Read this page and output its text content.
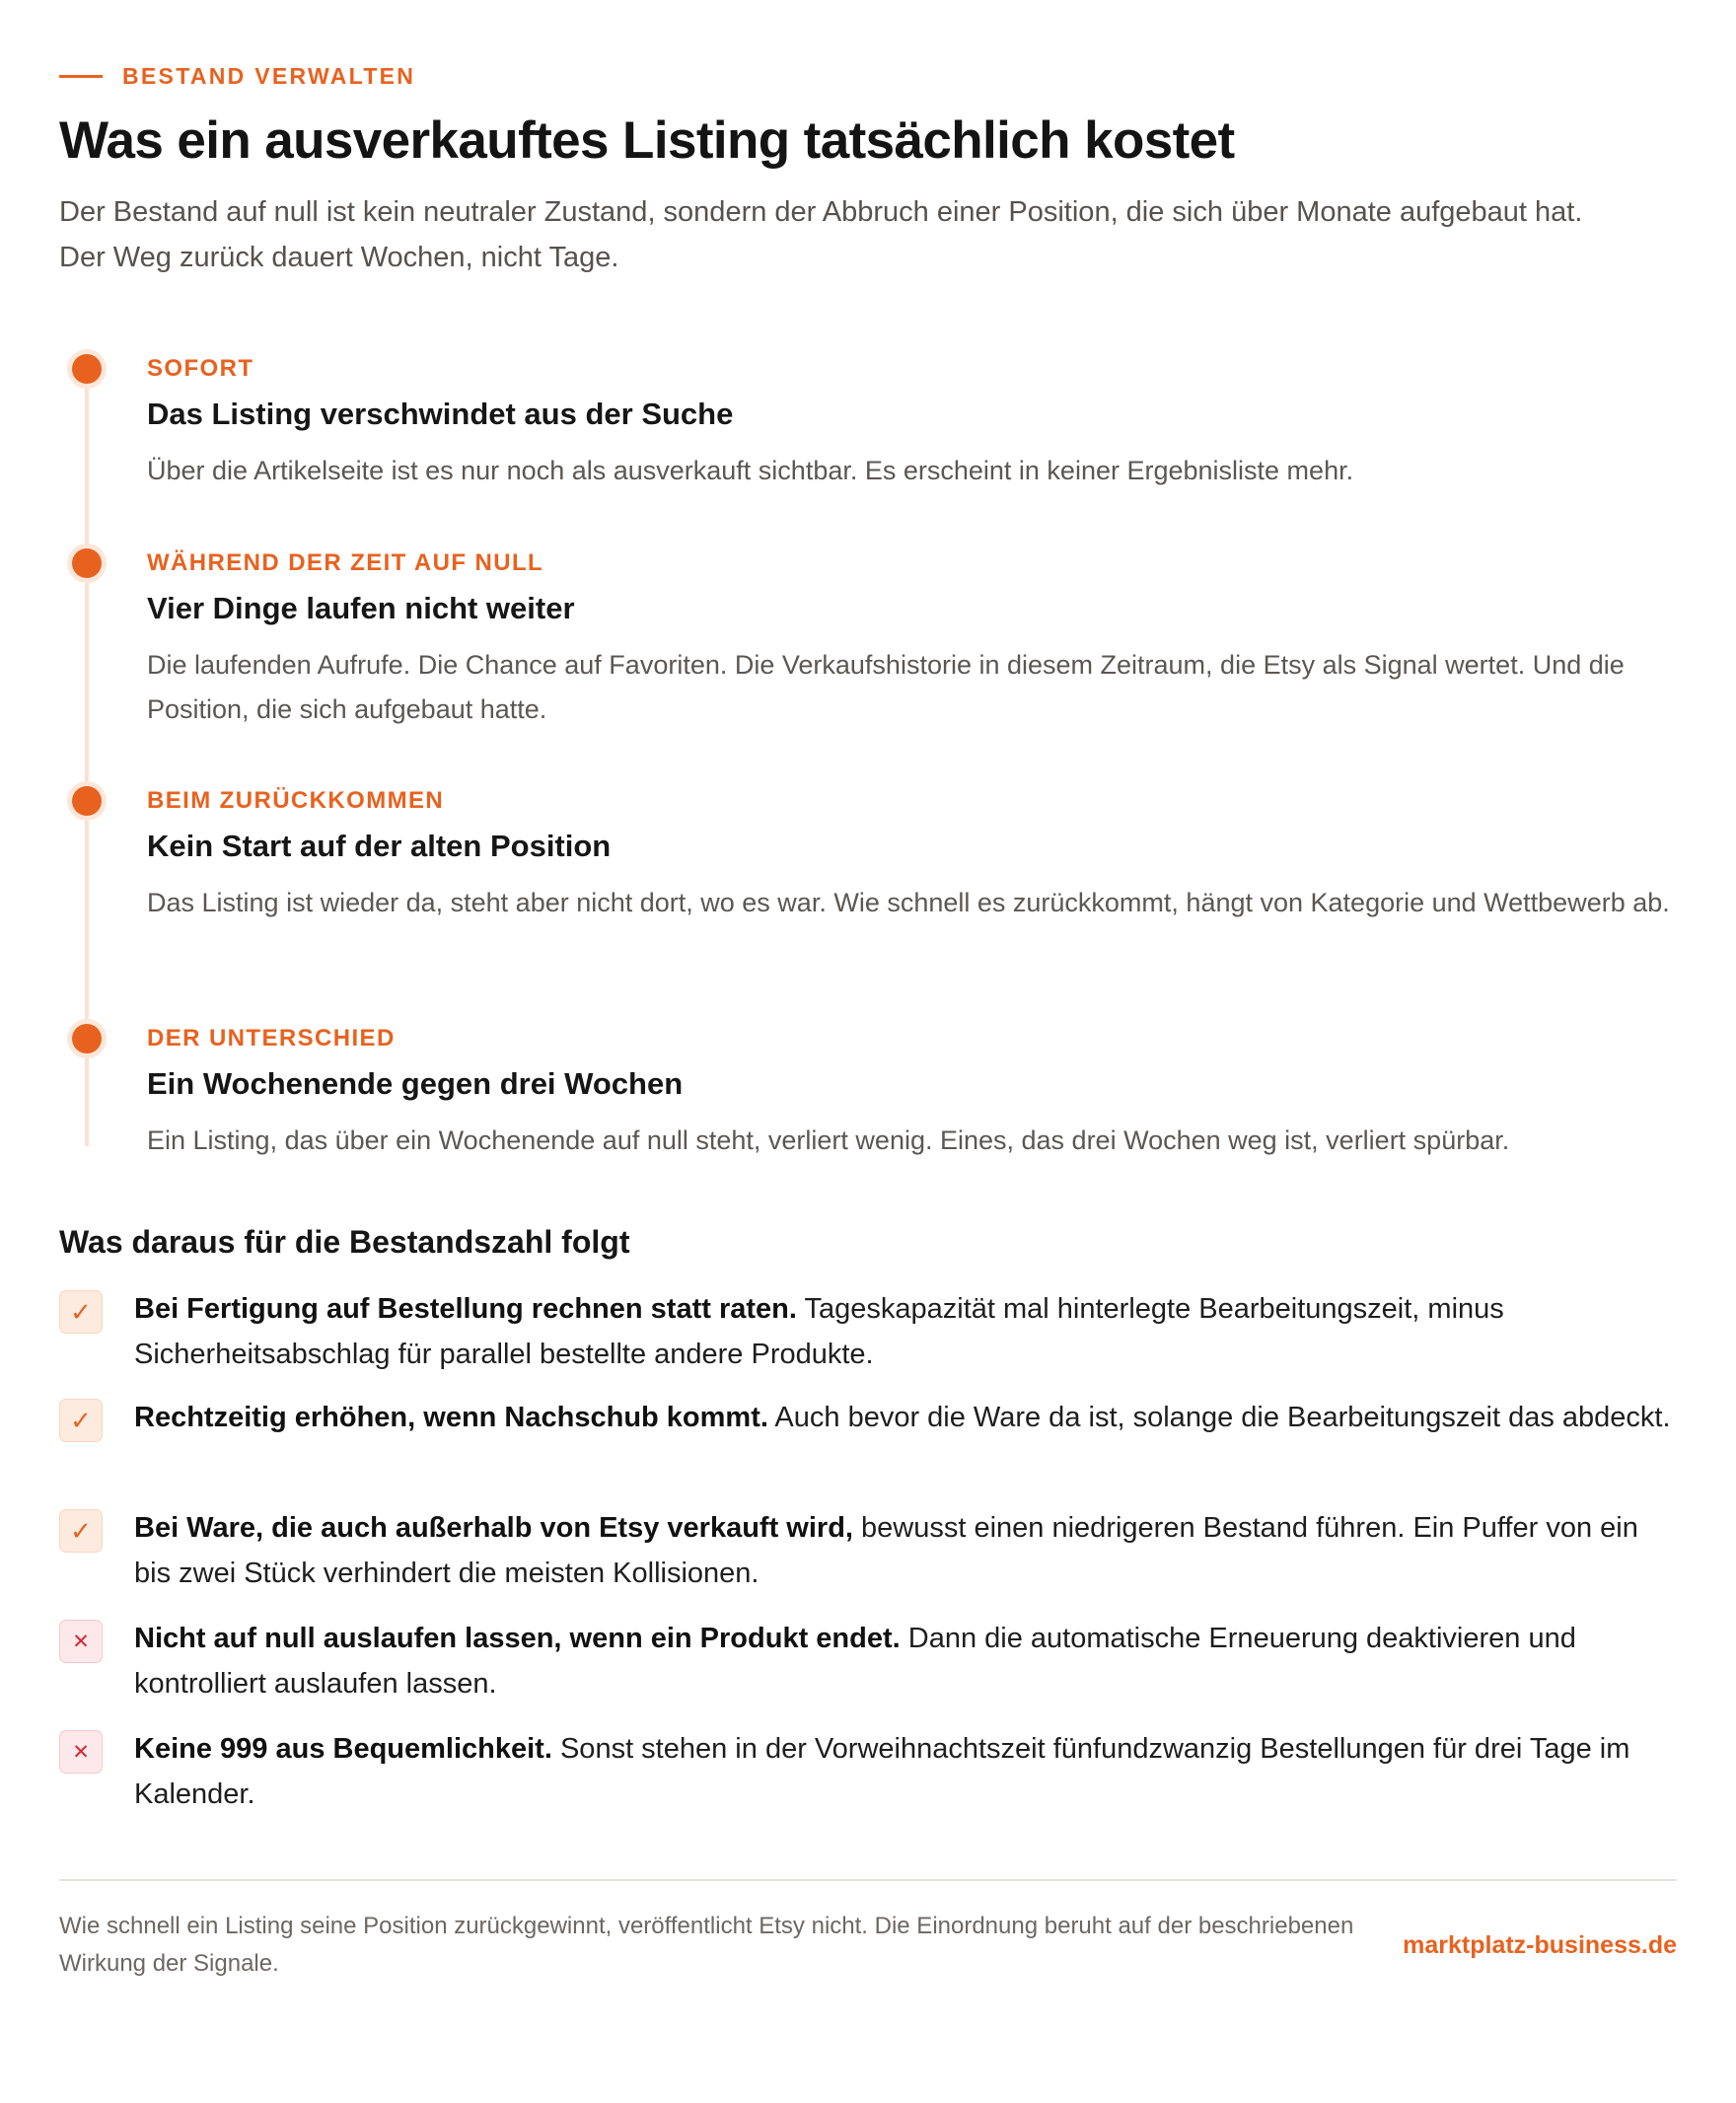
BESTAND VERWALTEN
Was ein ausverkauftes Listing tatsächlich kostet

Der Bestand auf null ist kein neutraler Zustand, sondern der Abbruch einer Position, die sich über Monate aufgebaut hat. Der Weg zurück dauert Wochen, nicht Tage.

SOFORT
Das Listing verschwindet aus der Suche
Über die Artikelseite ist es nur noch als ausverkauft sichtbar. Es erscheint in keiner Ergebnisliste mehr.
WÄHREND DER ZEIT AUF NULL
Vier Dinge laufen nicht weiter
Die laufenden Aufrufe. Die Chance auf Favoriten. Die Verkaufshistorie in diesem Zeitraum, die Etsy als Signal wertet. Und die Position, die sich aufgebaut hatte.
BEIM ZURÜCKKOMMEN
Kein Start auf der alten Position
Das Listing ist wieder da, steht aber nicht dort, wo es war. Wie schnell es zurückkommt, hängt von Kategorie und Wettbewerb ab.
DER UNTERSCHIED
Ein Wochenende gegen drei Wochen
Ein Listing, das über ein Wochenende auf null steht, verliert wenig. Eines, das drei Wochen weg ist, verliert spürbar.
Was daraus für die Bestandszahl folgt
✓	Bei Fertigung auf Bestellung rechnen statt raten. Tageskapazität mal hinterlegte Bearbeitungszeit, minus Sicherheitsabschlag für parallel bestellte andere Produkte.
✓	Rechtzeitig erhöhen, wenn Nachschub kommt. Auch bevor die Ware da ist, solange die Bearbeitungszeit das abdeckt.
✓	Bei Ware, die auch außerhalb von Etsy verkauft wird, bewusst einen niedrigeren Bestand führen. Ein Puffer von ein bis zwei Stück verhindert die meisten Kollisionen.
✕	Nicht auf null auslaufen lassen, wenn ein Produkt endet. Dann die automatische Erneuerung deaktivieren und kontrolliert auslaufen lassen.
✕	Keine 999 aus Bequemlichkeit. Sonst stehen in der Vorweihnachtszeit fünfundzwanzig Bestellungen für drei Tage im Kalender.

Wie schnell ein Listing seine Position zurückgewinnt, veröffentlicht Etsy nicht. Die Einordnung beruht auf der beschriebenen Wirkung der Signale.

marktplatz-business.de
